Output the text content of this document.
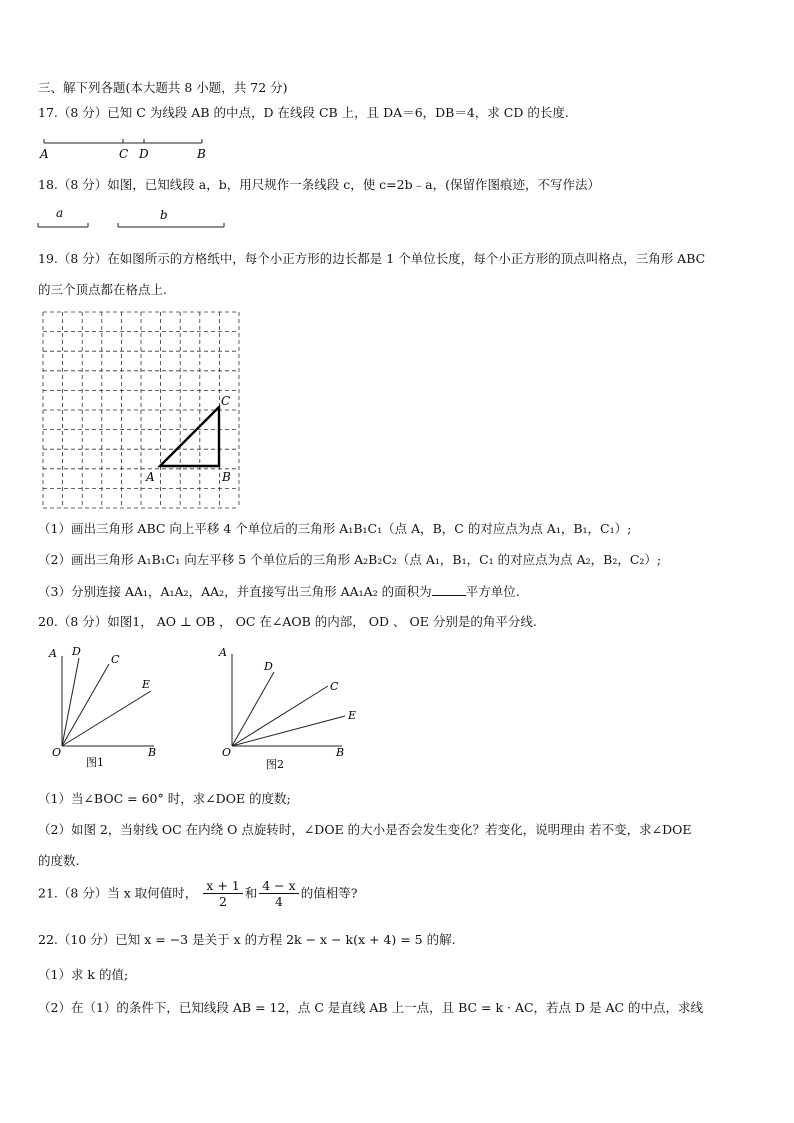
三、解下列各题(本大题共 8 小题，共 72 分)
17.（8 分）已知 C 为线段 AB 的中点，D 在线段 CB 上，且 DA＝6，DB＝4，求 CD 的长度.
A	C D	B
18.（8 分）如图，已知线段 a，b，用尺规作一条线段 c，使 c=2b﹣a，(保留作图痕迹，不写作法）
a	b
19.（8 分）在如图所示的方格纸中，每个小正方形的边长都是 1 个单位长度，每个小正方形的顶点叫格点，三角形 ABC
的三个顶点都在格点上.
A	B
C
（1）画出三角形 ABC 向上平移 4 个单位后的三角形 A₁B₁C₁（点 A，B，C 的对应点为点 A₁，B₁，C₁）;
（2）画出三角形 A₁B₁C₁ 向左平移 5 个单位后的三角形 A₂B₂C₂（点 A₁，B₁，C₁ 的对应点为点 A₂，B₂，C₂）;
（3）分别连接 AA₁，A₁A₂，AA₂，并直接写出三角形 AA₁A₂ 的面积为	平方单位.
20.（8 分）如图1， AO ⊥ OB ， OC 在∠AOB 的内部， OD 、 OE 分别是的角平分线.
A D
C
E
O	B
图1
A
D
C
E
O	B
图2
（1）当∠BOC = 60° 时，求∠DOE 的度数;
（2）如图 2，当射线 OC 在内绕 O 点旋转时，∠DOE 的大小是否会发生变化？若变化，说明理由 若不变，求∠DOE
的度数.
21.（8 分）当 x 取何值时， $\frac{x + 1}{2}$ 和 $\frac{4 - x}{4}$ 的值相等?
22.（10 分）已知 x = −3 是关于 x 的方程 2k − x − k(x + 4) = 5 的解.
（1）求 k 的值;
（2）在（1）的条件下，已知线段 AB = 12，点 C 是直线 AB 上一点，且 BC = k · AC，若点 D 是 AC 的中点，求线
